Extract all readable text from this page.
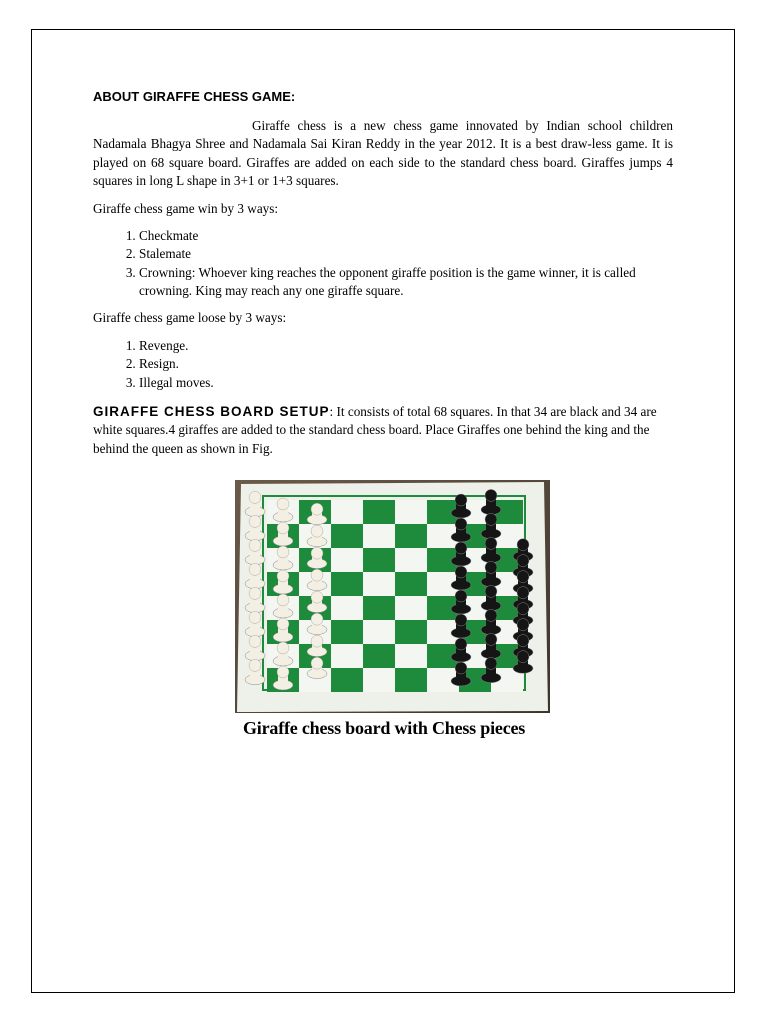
ABOUT GIRAFFE CHESS GAME:
Giraffe chess is a new chess game innovated by Indian school children Nadamala Bhagya Shree and Nadamala Sai Kiran Reddy in the year 2012. It is a best draw-less game. It is played on 68 square board. Giraffes are added on each side to the standard chess board. Giraffes jumps 4 squares in long L shape in 3+1 or 1+3 squares.
Giraffe chess game win by 3 ways:
1. Checkmate
2. Stalemate
3. Crowning: Whoever king reaches the opponent giraffe position is the game winner, it is called crowning. King may reach any one giraffe square.
Giraffe chess game loose by 3 ways:
1. Revenge.
2. Resign.
3. Illegal moves.
GIRAFFE CHESS BOARD SETUP: It consists of total 68 squares. In that 34 are black and 34 are white squares.4 giraffes are added to the standard chess board. Place Giraffes one behind the king and the behind the queen as shown in Fig.
Giraffe chess board with Chess pieces
